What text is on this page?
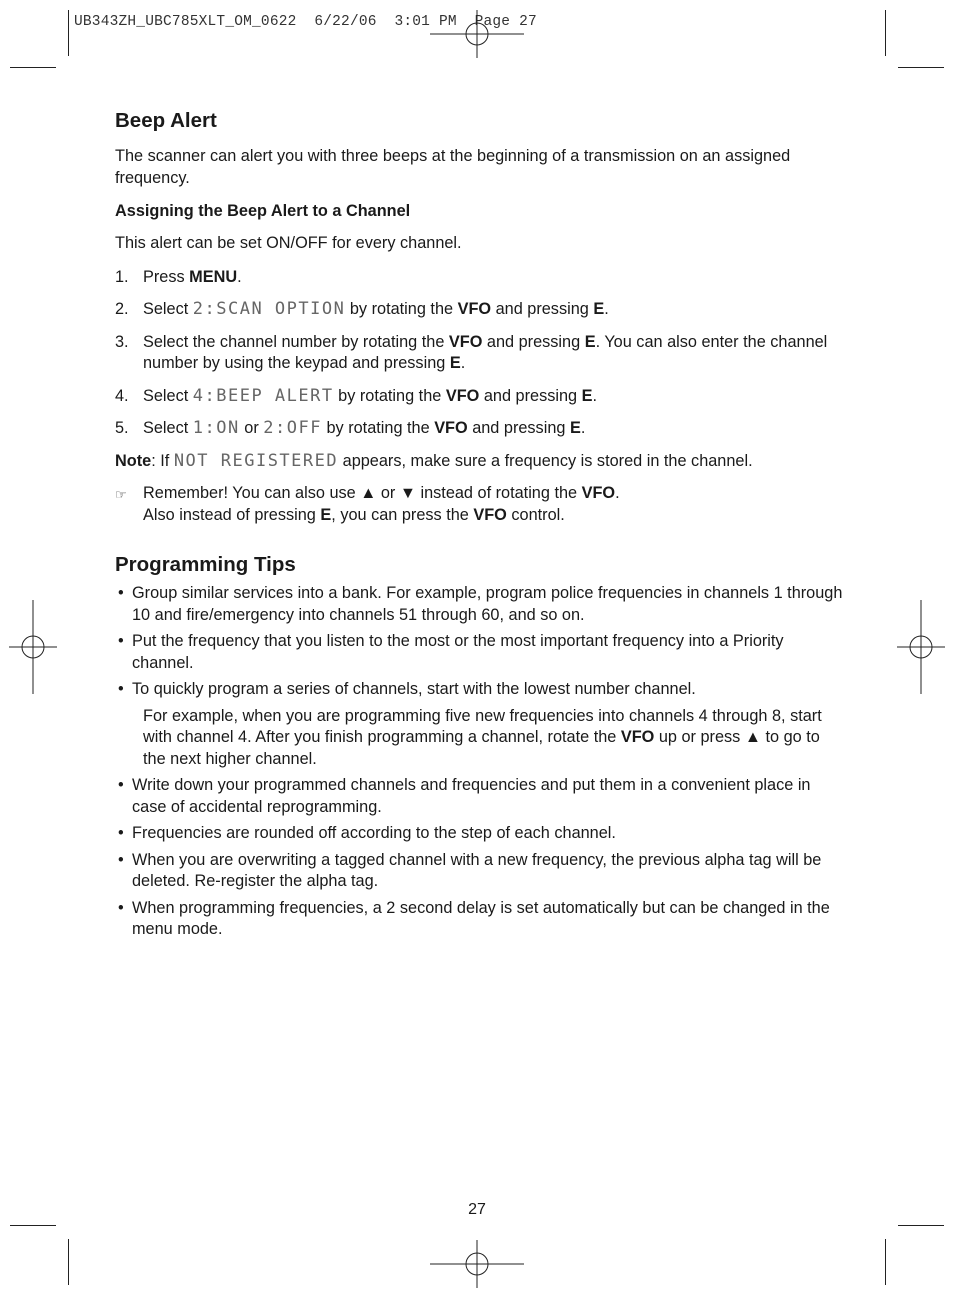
UB343ZH_UBC785XLT_OM_0622  6/22/06  3:01 PM  Page 27
Beep Alert

The scanner can alert you with three beeps at the beginning of a transmission on an assigned frequency.

Assigning the Beep Alert to a Channel

This alert can be set ON/OFF for every channel.

1. Press MENU.
2. Select 2:SCAN OPTION by rotating the VFO and pressing E.
3. Select the channel number by rotating the VFO and pressing E. You can also enter the channel number by using the keypad and pressing E.
4. Select 4:BEEP ALERT by rotating the VFO and pressing E.
5. Select 1:ON or 2:OFF by rotating the VFO and pressing E.

Note: If NOT REGISTERED appears, make sure a frequency is stored in the channel.

☞ Remember! You can also use ▲ or ▼ instead of rotating the VFO.
Also instead of pressing E, you can press the VFO control.
Programming Tips
• Group similar services into a bank. For example, program police frequencies in channels 1 through 10 and fire/emergency into channels 51 through 60, and so on.
• Put the frequency that you listen to the most or the most important frequency into a Priority channel.
• To quickly program a series of channels, start with the lowest number channel.

For example, when you are programming five new frequencies into channels 4 through 8, start with channel 4. After you finish programming a channel, rotate the VFO up or press ▲ to go to the next higher channel.

• Write down your programmed channels and frequencies and put them in a convenient place in case of accidental reprogramming.
• Frequencies are rounded off according to the step of each channel.
• When you are overwriting a tagged channel with a new frequency, the previous alpha tag will be deleted. Re-register the alpha tag.
• When programming frequencies, a 2 second delay is set automatically but can be changed in the menu mode.
27
